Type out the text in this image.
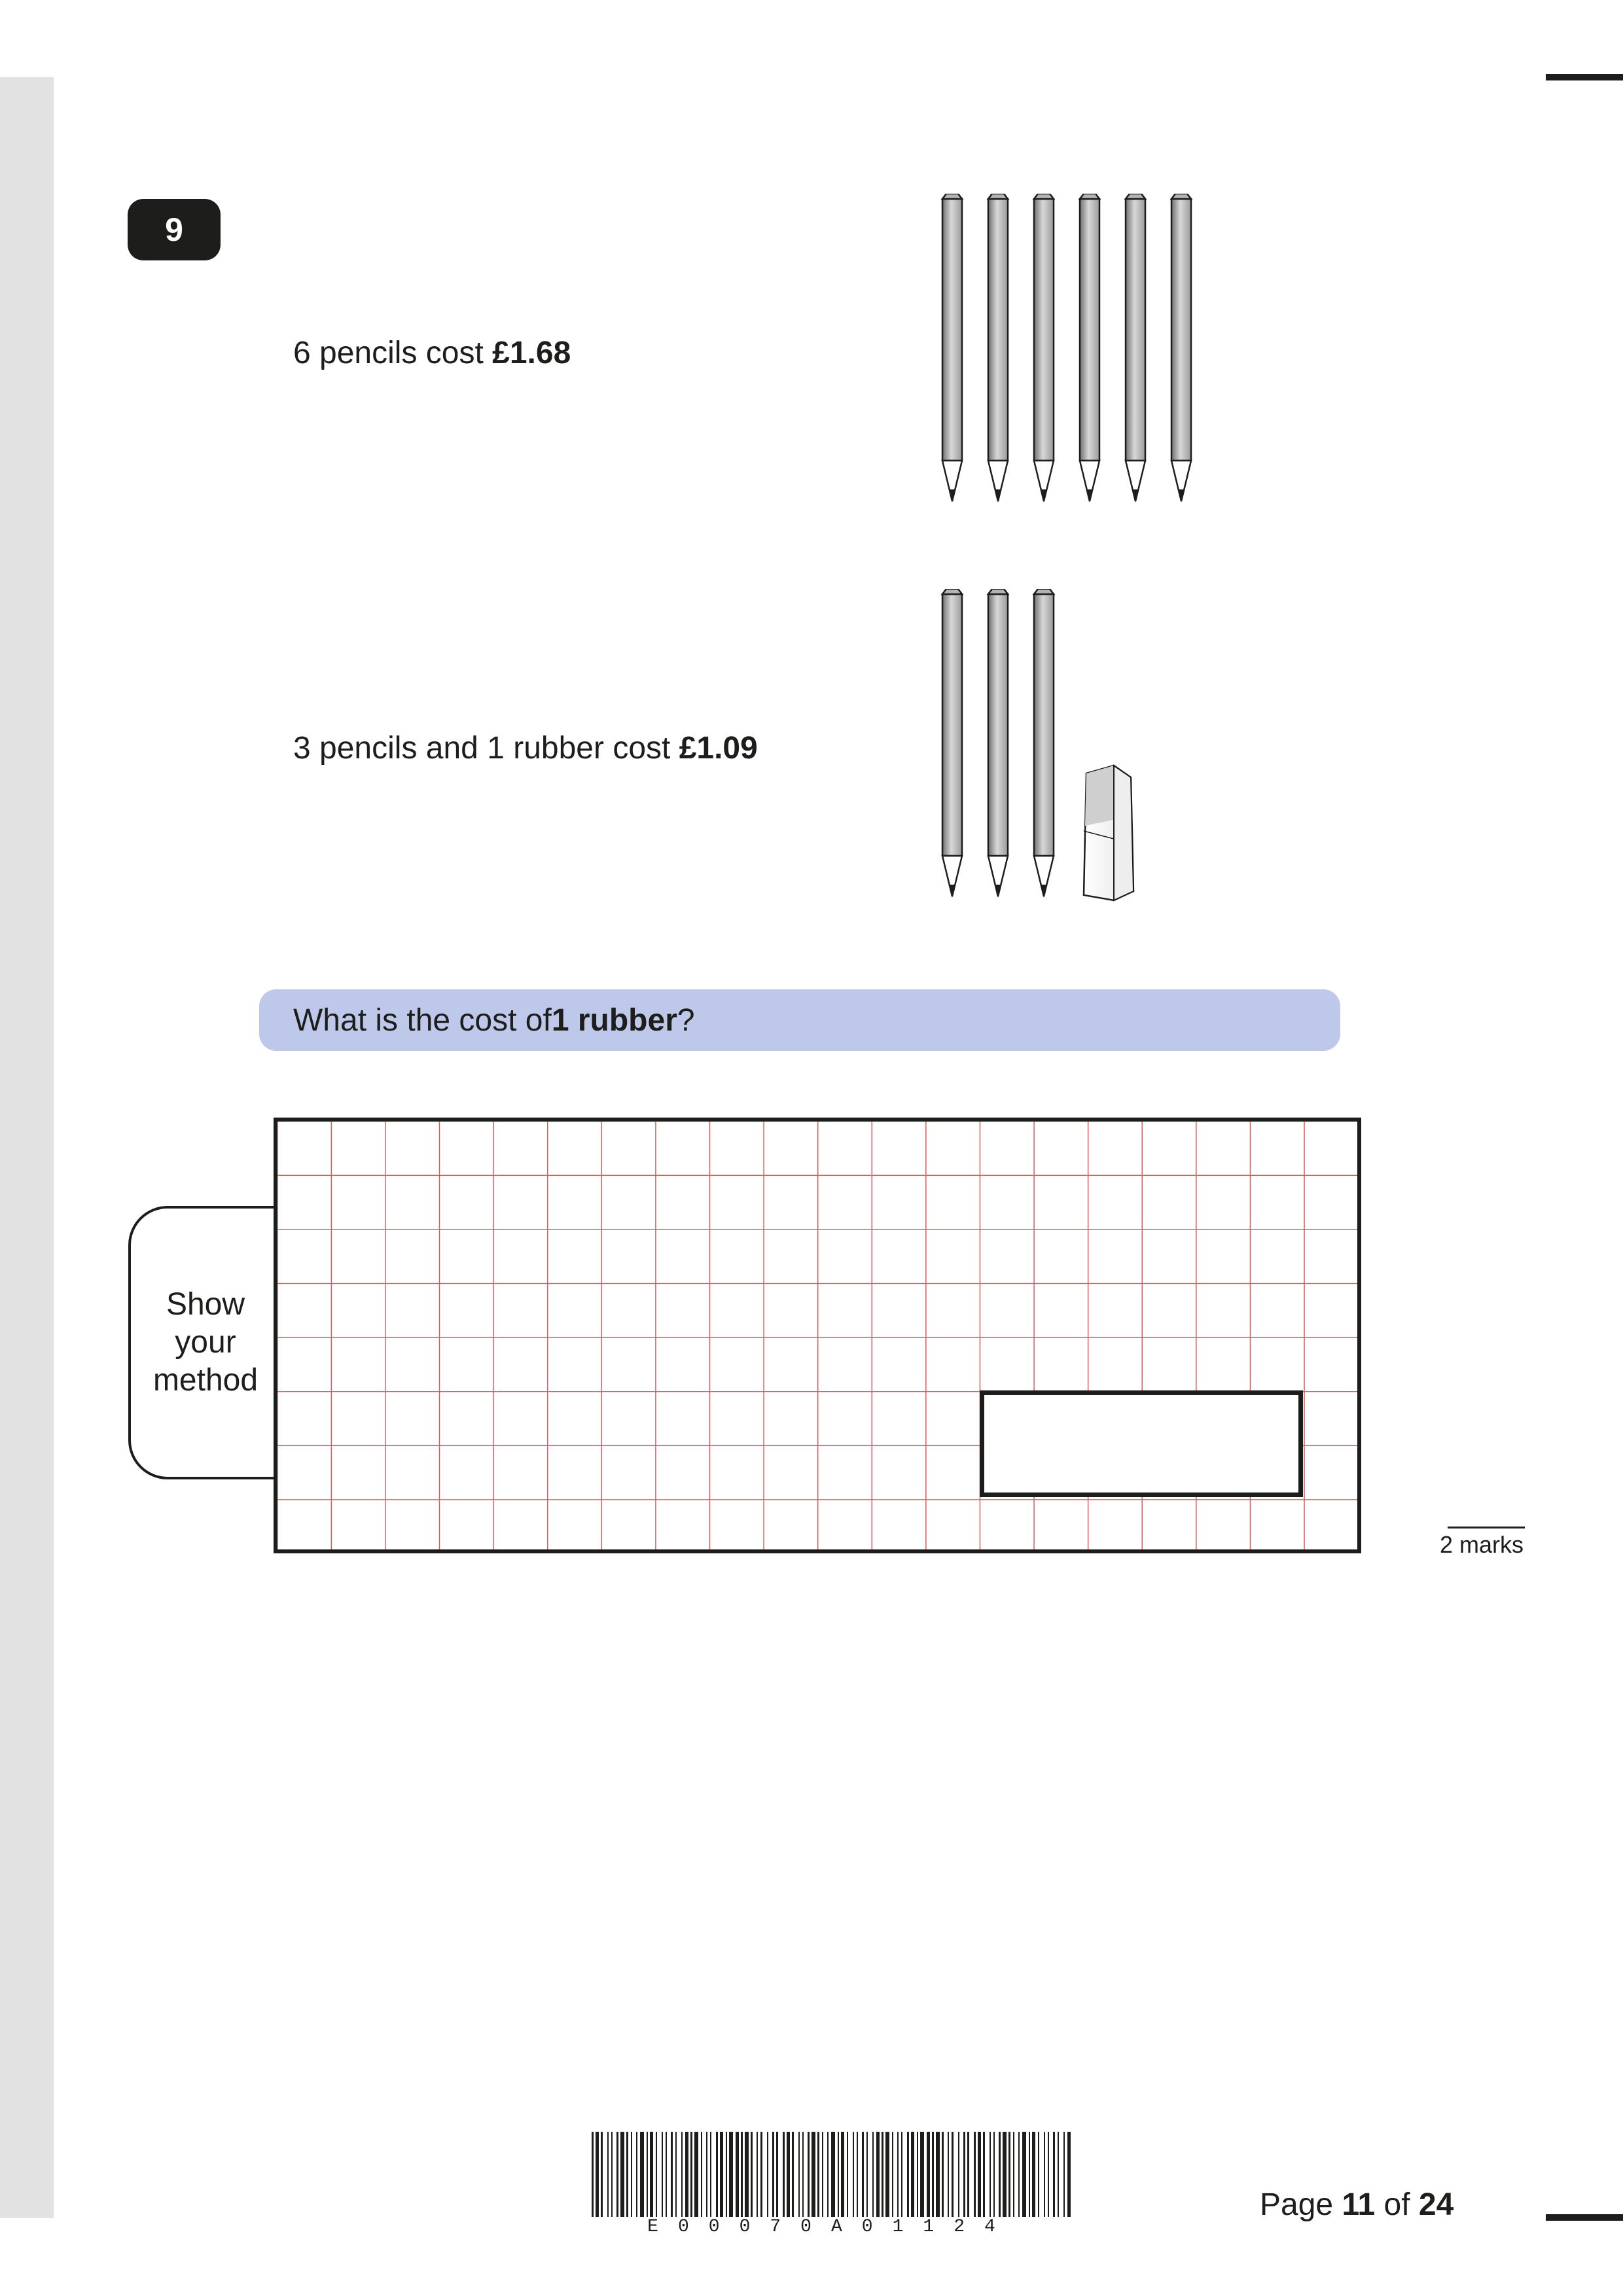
9
6 pencils cost £1.68
3 pencils and 1 rubber cost £1.09
What is the cost of 1 rubber ?
Show
your
method
2 marks
E00070A01124
Page 11 of 24
